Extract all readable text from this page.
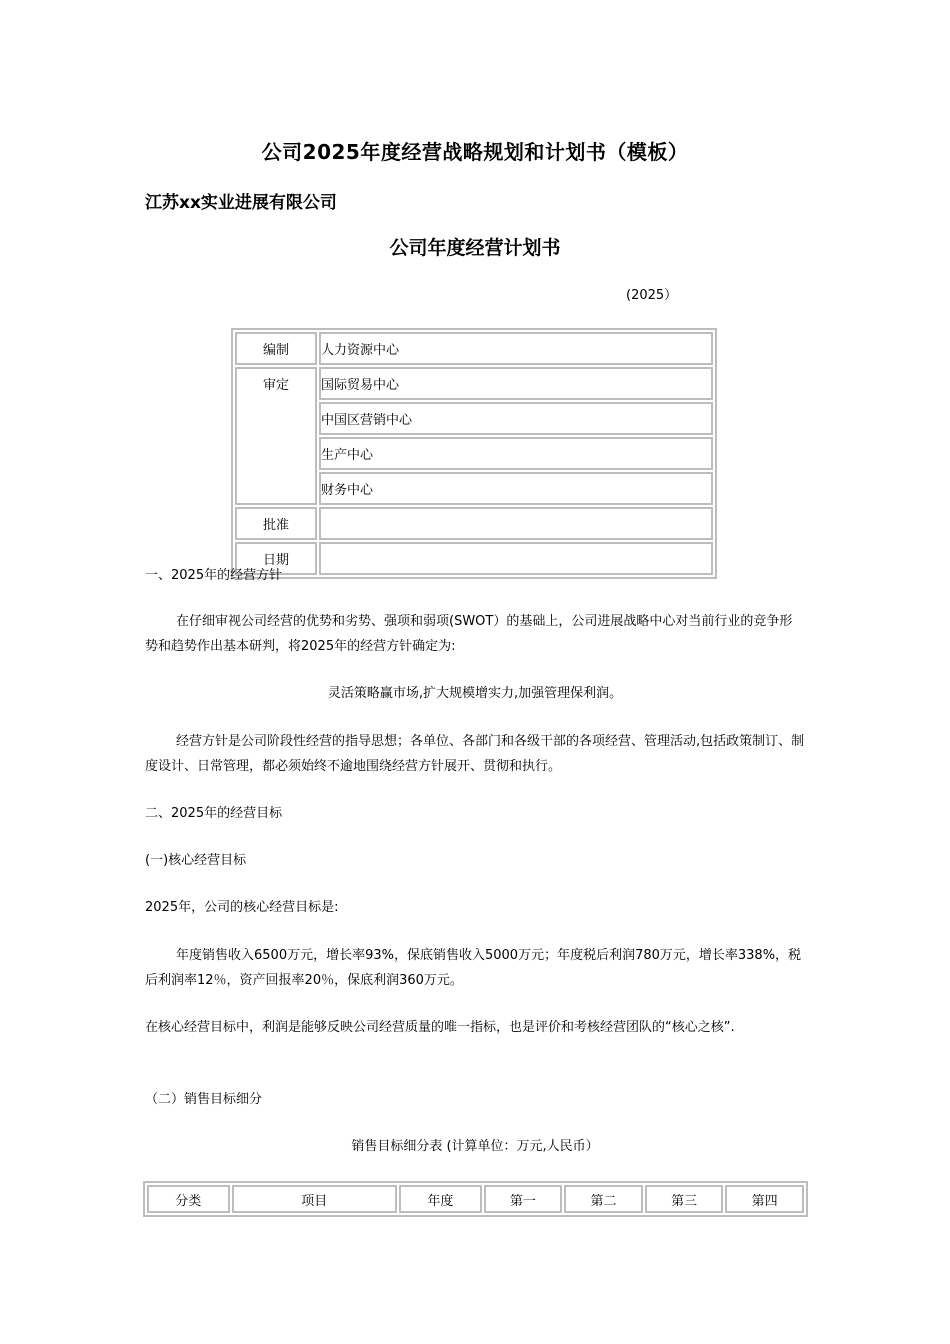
公司2025年度经营战略规划和计划书（模板）
江苏xx实业进展有限公司
公司年度经营计划书
(2025）
编制	人力资源中心
审定	国际贸易中心
	中国区营销中心
	生产中心
	财务中心
批准	
日期	
一、2025年的经营方针
在仔细审视公司经营的优势和劣势、强项和弱项(SWOT）的基础上，公司进展战略中心对当前行业的竞争形势和趋势作出基本研判，将2025年的经营方针确定为:
灵活策略赢市场,扩大规模增实力,加强管理保利润。
经营方针是公司阶段性经营的指导思想；各单位、各部门和各级干部的各项经营、管理活动,包括政策制订、制度设计、日常管理，都必须始终不逾地围绕经营方针展开、贯彻和执行。
二、2025年的经营目标
(一)核心经营目标
2025年，公司的核心经营目标是:
年度销售收入6500万元，增长率93%，保底销售收入5000万元；年度税后利润780万元，增长率338%，税后利润率12％，资产回报率20％，保底利润360万元。
在核心经营目标中，利润是能够反映公司经营质量的唯一指标，也是评价和考核经营团队的“核心之核”.
（二）销售目标细分
销售目标细分表 (计算单位：万元,人民币）
分类	项目	年度	第一	第二	第三	第四
